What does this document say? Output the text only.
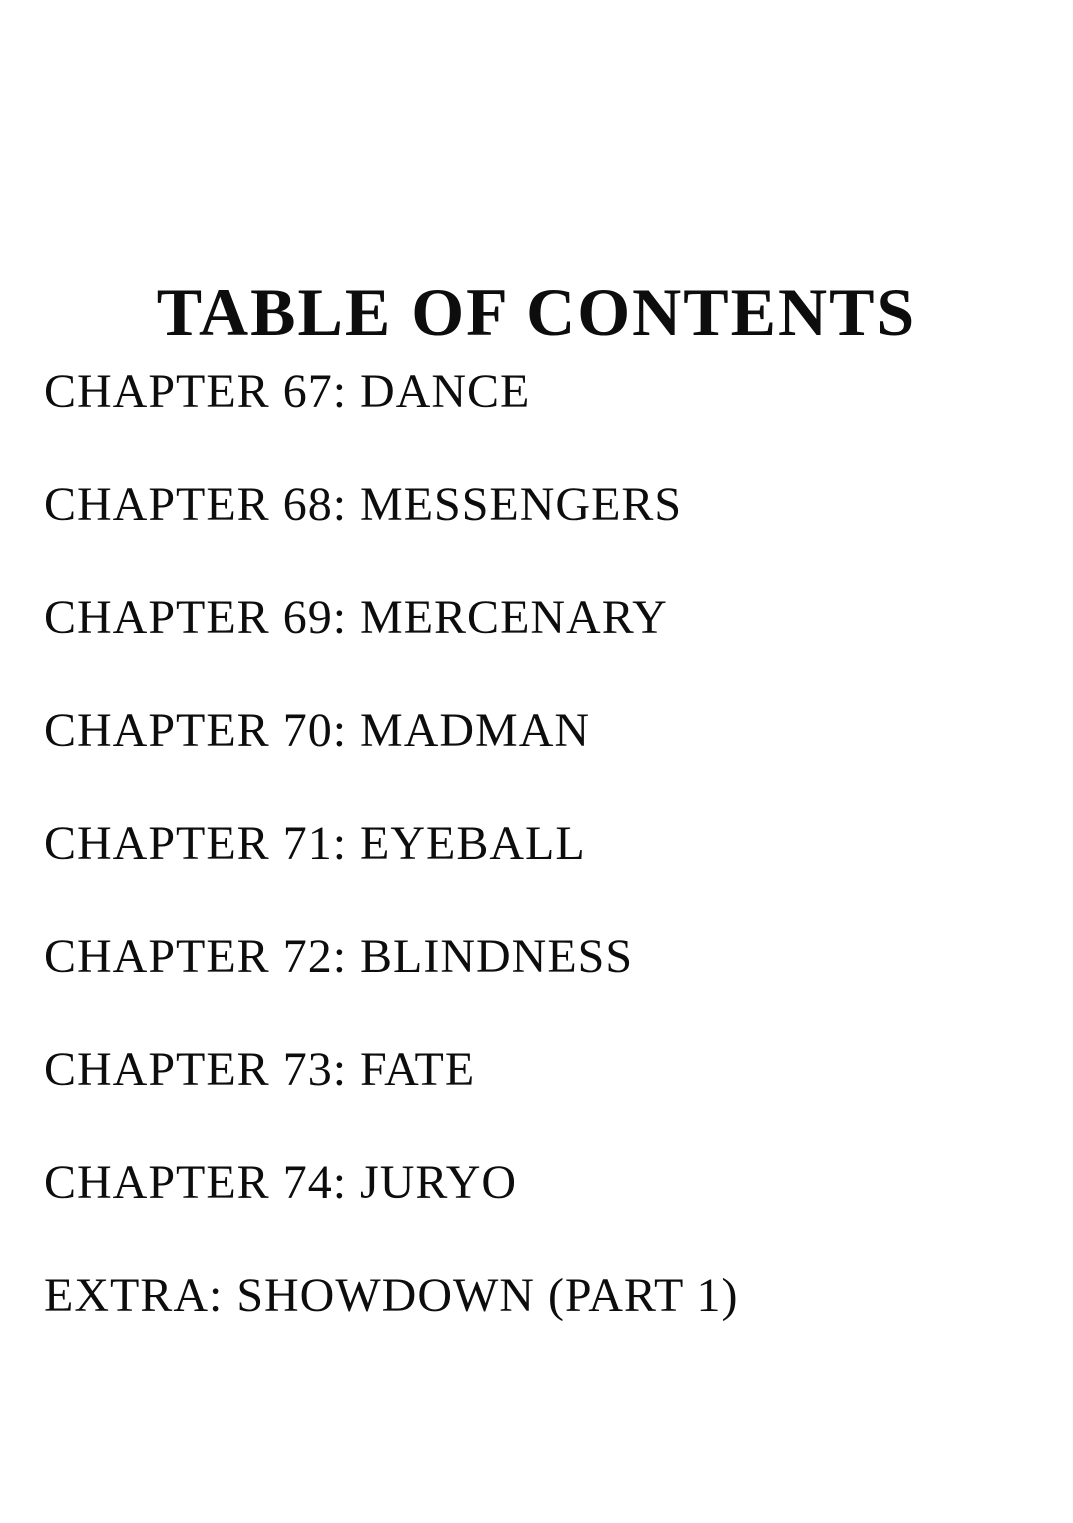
TABLE OF CONTENTS
CHAPTER 67: DANCE
CHAPTER 68: MESSENGERS
CHAPTER 69: MERCENARY
CHAPTER 70: MADMAN
CHAPTER 71: EYEBALL
CHAPTER 72: BLINDNESS
CHAPTER 73: FATE
CHAPTER 74: JURYO
EXTRA: SHOWDOWN (PART 1)
